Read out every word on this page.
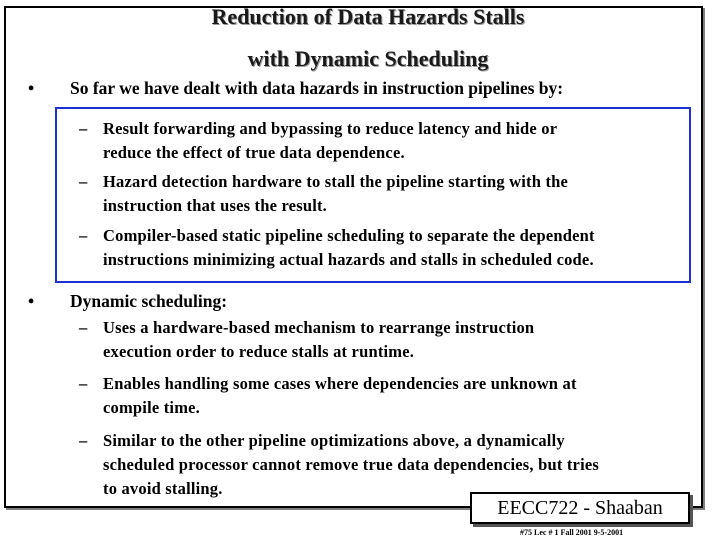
Reduction of Data Hazards Stalls
with Dynamic Scheduling
• So far we have dealt with data hazards in instruction pipelines by:
– Result forwarding and bypassing to reduce latency and hide or
reduce the effect of true data dependence.
– Hazard detection hardware to stall the pipeline starting with the
instruction that uses the result.
– Compiler-based static pipeline scheduling to separate the dependent
instructions minimizing actual hazards and stalls in scheduled code.
• Dynamic scheduling:
– Uses a hardware-based mechanism to rearrange instruction
execution order to reduce stalls at runtime.
– Enables handling some cases where dependencies are unknown at
compile time.
– Similar to the other pipeline optimizations above, a dynamically
scheduled processor cannot remove true data dependencies, but tries
to avoid stalling.
EECC722 - Shaaban
#75 Lec # 1 Fall 2001 9-5-2001
